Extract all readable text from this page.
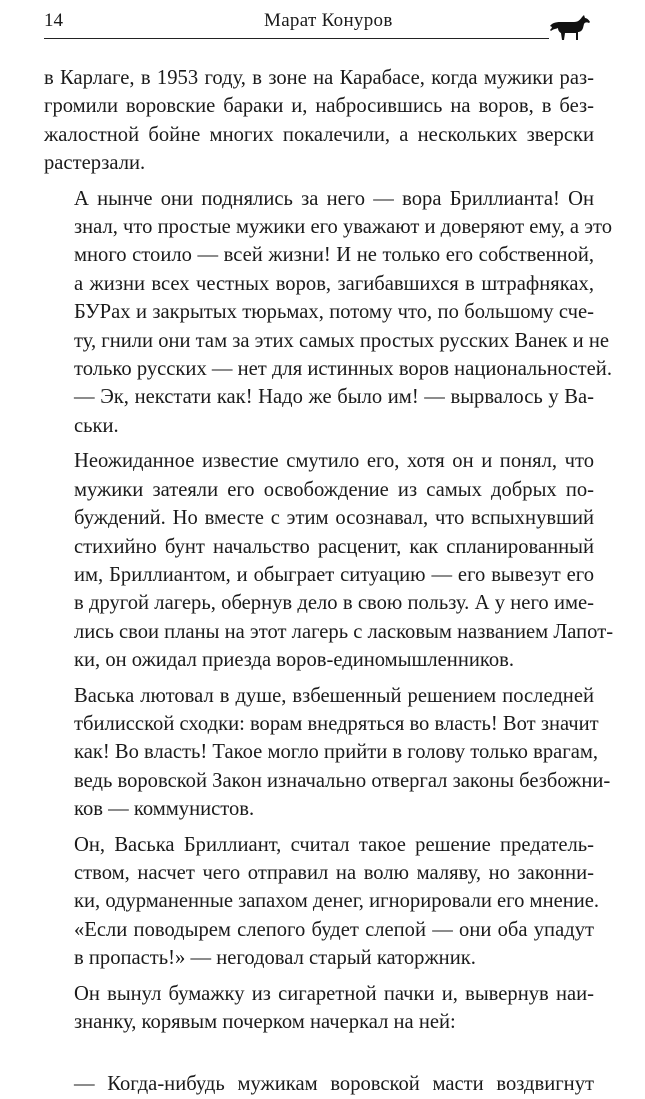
14	Марат Конуров

в Карлаге, в 1953 году, в зоне на Карабасе, когда мужики раз-
громили воровские бараки и, набросившись на воров, в без-
жалостной бойне многих покалечили, а нескольких зверски
растерзали.

А нынче они поднялись за него — вора Бриллианта! Он
знал, что простые мужики его уважают и доверяют ему, а это
много стоило — всей жизни! И не только его собственной,
а жизни всех честных воров, загибавшихся в штрафняках,
БУРах и закрытых тюрьмах, потому что, по большому сче-
ту, гнили они там за этих самых простых русских Ванек и не
только русских — нет для истинных воров национальностей.

— Эк, некстати как! Надо же было им! — вырвалось у Ва-
ськи.

Неожиданное известие смутило его, хотя он и понял, что
мужики затеяли его освобождение из самых добрых по-
буждений. Но вместе с этим осознавал, что вспыхнувший
стихийно бунт начальство расценит, как спланированный
им, Бриллиантом, и обыграет ситуацию — его вывезут его
в другой лагерь, обернув дело в свою пользу. А у него име-
лись свои планы на этот лагерь с ласковым названием Лапот-
ки, он ожидал приезда воров-единомышленников.

Васька лютовал в душе, взбешенный решением последней
тбилисской сходки: ворам внедряться во власть! Вот значит
как! Во власть! Такое могло прийти в голову только врагам,
ведь воровской Закон изначально отвергал законы безбожни-
ков — коммунистов.

Он, Васька Бриллиант, считал такое решение предатель-
ством, насчет чего отправил на волю маляву, но законни-
ки, одурманенные запахом денег, игнорировали его мнение.

«Если поводырем слепого будет слепой — они оба упадут
в пропасть!» — негодовал старый каторжник.

Он вынул бумажку из сигаретной пачки и, вывернув наи-
знанку, корявым почерком начеркал на ней:

— Когда-нибудь мужикам воровской масти воздвигнут
